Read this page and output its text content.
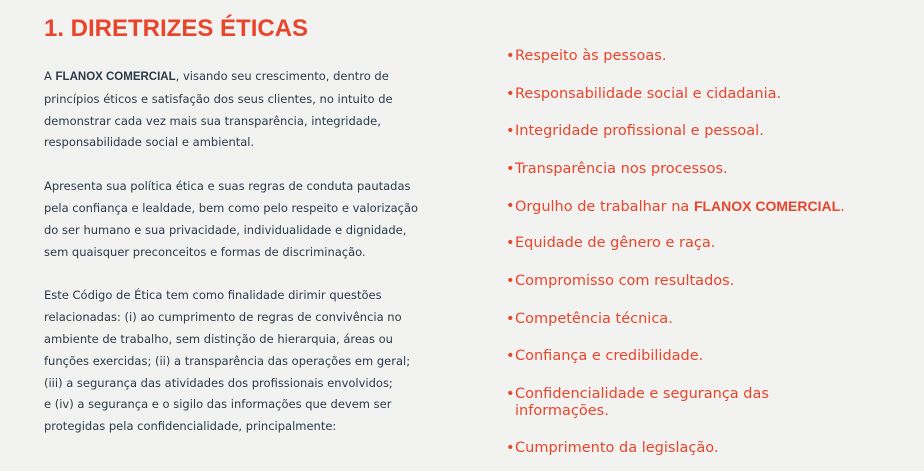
1. DIRETRIZES ÉTICAS

A FLANOX COMERCIAL, visando seu crescimento, dentro de
princípios éticos e satisfação dos seus clientes, no intuito de
demonstrar cada vez mais sua transparência, integridade,
responsabilidade social e ambiental.

Apresenta sua política ética e suas regras de conduta pautadas
pela confiança e lealdade, bem como pelo respeito e valorização
do ser humano e sua privacidade, individualidade e dignidade,
sem quaisquer preconceitos e formas de discriminação.

Este Código de Ética tem como finalidade dirimir questões
relacionadas: (i) ao cumprimento de regras de convivência no
ambiente de trabalho, sem distinção de hierarquia, áreas ou
funções exercidas; (ii) a transparência das operações em geral;
(iii) a segurança das atividades dos profissionais envolvidos;
e (iv) a segurança e o sigilo das informações que devem ser
protegidas pela confidencialidade, principalmente:

• Respeito às pessoas.
• Responsabilidade social e cidadania.
• Integridade profissional e pessoal.
• Transparência nos processos.
• Orgulho de trabalhar na FLANOX COMERCIAL.
• Equidade de gênero e raça.
• Compromisso com resultados.
• Competência técnica.
• Confiança e credibilidade.
• Confidencialidade e segurança das
informações.
• Cumprimento da legislação.
